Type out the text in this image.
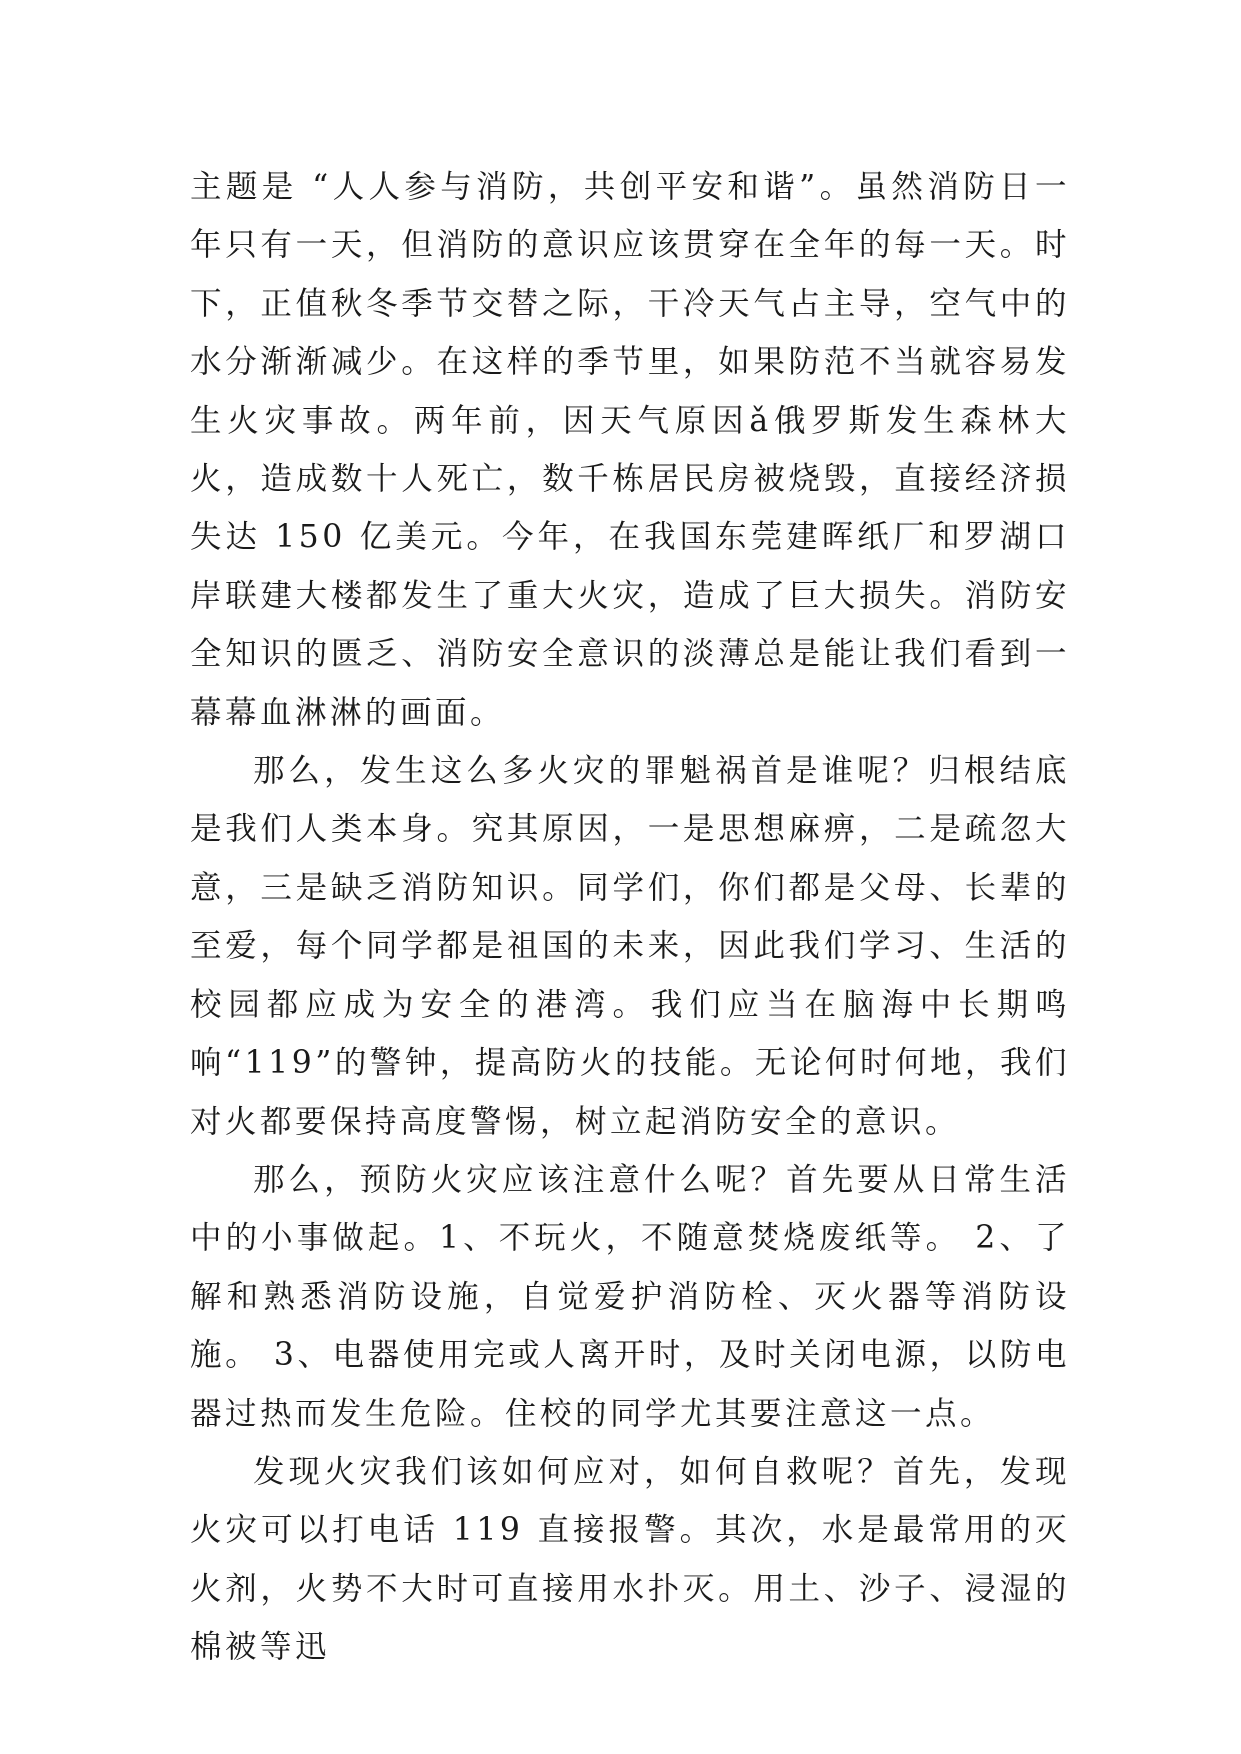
主题是 “人人参与消防，共创平安和谐”。虽然消防日一年只有一天，但消防的意识应该贯穿在全年的每一天。时下，正值秋冬季节交替之际，干冷天气占主导，空气中的水分渐渐减少。在这样的季节里，如果防范不当就容易发生火灾事故。两年前，因天气原因ǎ俄罗斯发生森林大火，造成数十人死亡，数千栋居民房被烧毁，直接经济损失达 150 亿美元。今年，在我国东莞建晖纸厂和罗湖口岸联建大楼都发生了重大火灾，造成了巨大损失。消防安全知识的匮乏、消防安全意识的淡薄总是能让我们看到一幕幕血淋淋的画面。

那么，发生这么多火灾的罪魁祸首是谁呢？归根结底是我们人类本身。究其原因，一是思想麻痹，二是疏忽大意，三是缺乏消防知识。同学们，你们都是父母、长辈的至爱，每个同学都是祖国的未来，因此我们学习、生活的校园都应成为安全的港湾。我们应当在脑海中长期鸣响“119”的警钟，提高防火的技能。无论何时何地，我们对火都要保持高度警惕，树立起消防安全的意识。

那么，预防火灾应该注意什么呢？首先要从日常生活中的小事做起。1、不玩火，不随意焚烧废纸等。 2、了解和熟悉消防设施，自觉爱护消防栓、灭火器等消防设施。 3、电器使用完或人离开时，及时关闭电源，以防电器过热而发生危险。住校的同学尤其要注意这一点。

发现火灾我们该如何应对，如何自救呢？首先，发现火灾可以打电话 119 直接报警。其次，水是最常用的灭火剂，火势不大时可直接用水扑灭。用土、沙子、浸湿的棉被等迅
